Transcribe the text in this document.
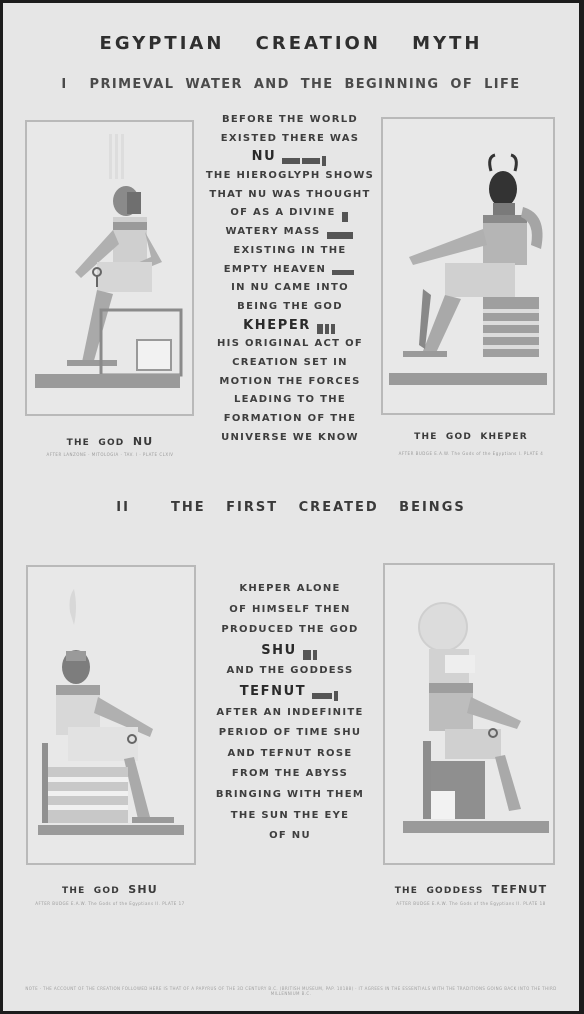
EGYPTIAN CREATION MYTH
I PRIMEVAL WATER AND THE BEGINNING OF LIFE
BEFORE THE WORLD
EXISTED THERE WAS
NU
THE HIEROGLYPH SHOWS
THAT NU WAS THOUGHT
OF AS A DIVINE
WATERY MASS
EXISTING IN THE
EMPTY HEAVEN
IN NU CAME INTO
BEING THE GOD
KHEPER
HIS ORIGINAL ACT OF
CREATION SET IN
MOTION THE FORCES
LEADING TO THE
FORMATION OF THE
UNIVERSE WE KNOW
THE GOD NU
AFTER LANZONE · MITOLOGIA · TAV. I · PLATE CLXIV
THE GOD KHEPER
AFTER BUDGE E.A.W. The Gods of the Egyptians I. PLATE 4
II	THE FIRST CREATED BEINGS
KHEPER ALONE
OF HIMSELF THEN
PRODUCED THE GOD
SHU
AND THE GODDESS
TEFNUT
AFTER AN INDEFINITE
PERIOD OF TIME SHU
AND TEFNUT ROSE
FROM THE ABYSS
BRINGING WITH THEM
THE SUN THE EYE
OF NU
THE GOD SHU
AFTER BUDGE E.A.W. The Gods of the Egyptians II. PLATE 17
THE GODDESS TEFNUT
AFTER BUDGE E.A.W. The Gods of the Egyptians II. PLATE 18
NOTE · THE ACCOUNT OF THE CREATION FOLLOWED HERE IS THAT OF A PAPYRUS OF THE 3D CENTURY B.C. (BRITISH MUSEUM, PAP. 10188) · IT AGREES IN THE ESSENTIALS WITH THE TRADITIONS GOING BACK INTO THE THIRD MILLENNIUM B.C.
